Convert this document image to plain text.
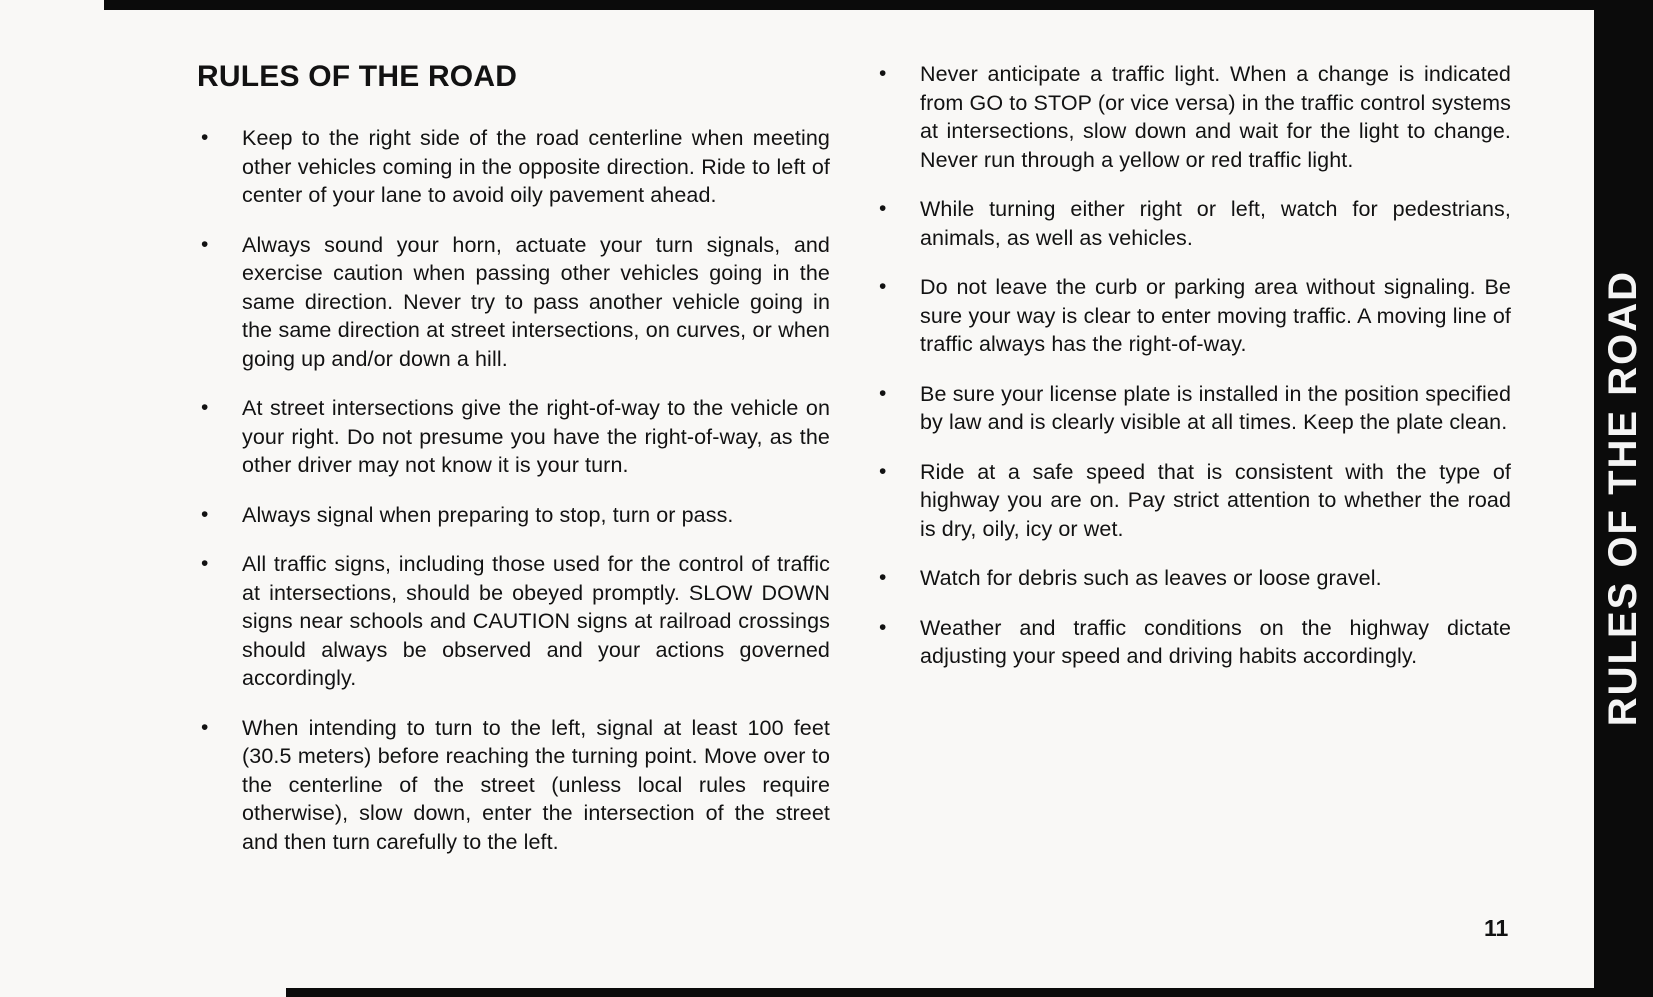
RULES OF THE ROAD
RULES OF THE ROAD
•	Keep to the right side of the road centerline when meeting other vehicles coming in the opposite direction. Ride to left of center of your lane to avoid oily pavement ahead.
•	Always sound your horn, actuate your turn signals, and exercise caution when passing other vehicles going in the same direction. Never try to pass another vehicle going in the same direction at street intersections, on curves, or when going up and/or down a hill.
•	At street intersections give the right-of-way to the vehicle on your right. Do not presume you have the right-of-way, as the other driver may not know it is your turn.
•	Always signal when preparing to stop, turn or pass.
•	All traffic signs, including those used for the control of traffic at intersections, should be obeyed promptly. SLOW DOWN signs near schools and CAUTION signs at railroad crossings should always be observed and your actions governed accordingly.
•	When intending to turn to the left, signal at least 100 feet (30.5 meters) before reaching the turning point. Move over to the centerline of the street (unless local rules require otherwise), slow down, enter the intersection of the street and then turn carefully to the left.
•	Never anticipate a traffic light. When a change is indicated from GO to STOP (or vice versa) in the traffic control systems at intersections, slow down and wait for the light to change. Never run through a yellow or red traffic light.
•	While turning either right or left, watch for pedestrians, animals, as well as vehicles.
•	Do not leave the curb or parking area without signaling. Be sure your way is clear to enter moving traffic. A moving line of traffic always has the right-of-way.
•	Be sure your license plate is installed in the position specified by law and is clearly visible at all times. Keep the plate clean.
•	Ride at a safe speed that is consistent with the type of highway you are on. Pay strict attention to whether the road is dry, oily, icy or wet.
•	Watch for debris such as leaves or loose gravel.
•	Weather and traffic conditions on the highway dictate adjusting your speed and driving habits accordingly.
11
